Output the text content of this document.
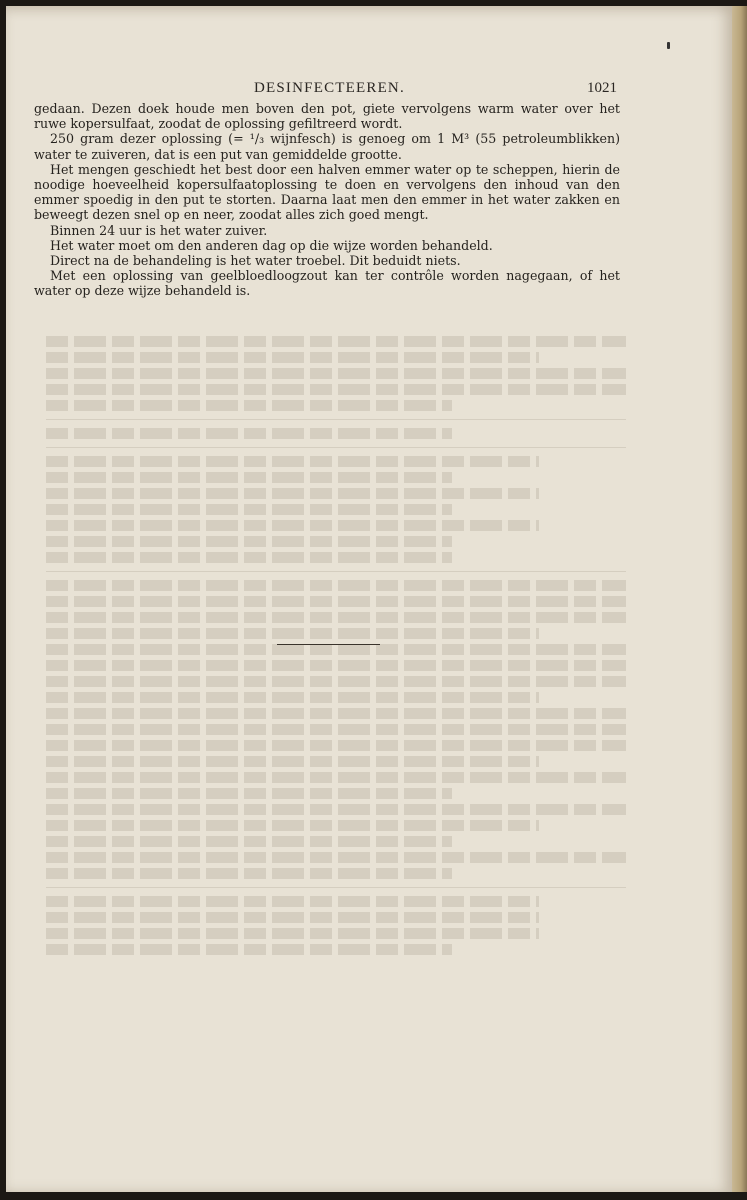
DESINFECTEEREN.	1021

gedaan. Dezen doek houde men boven den pot, giete vervolgens warm water over het ruwe kopersulfaat, zoodat de oplossing gefiltreerd wordt.

250 gram dezer oplossing (= ¹/₃ wijnfesch) is genoeg om 1 M³ (55 petroleumblikken) water te zuiveren, dat is een put van gemiddelde grootte.

Het mengen geschiedt het best door een halven emmer water op te scheppen, hierin de noodige hoeveelheid kopersulfaatoplossing te doen en vervolgens den inhoud van den emmer spoedig in den put te storten. Daarna laat men den emmer in het water zakken en beweegt dezen snel op en neer, zoodat alles zich goed mengt.

Binnen 24 uur is het water zuiver.

Het water moet om den anderen dag op die wijze worden behandeld.

Direct na de behandeling is het water troebel. Dit beduidt niets.

Met een oplossing van geelbloedloogzout kan ter contrôle worden nagegaan, of het water op deze wijze behandeld is.
